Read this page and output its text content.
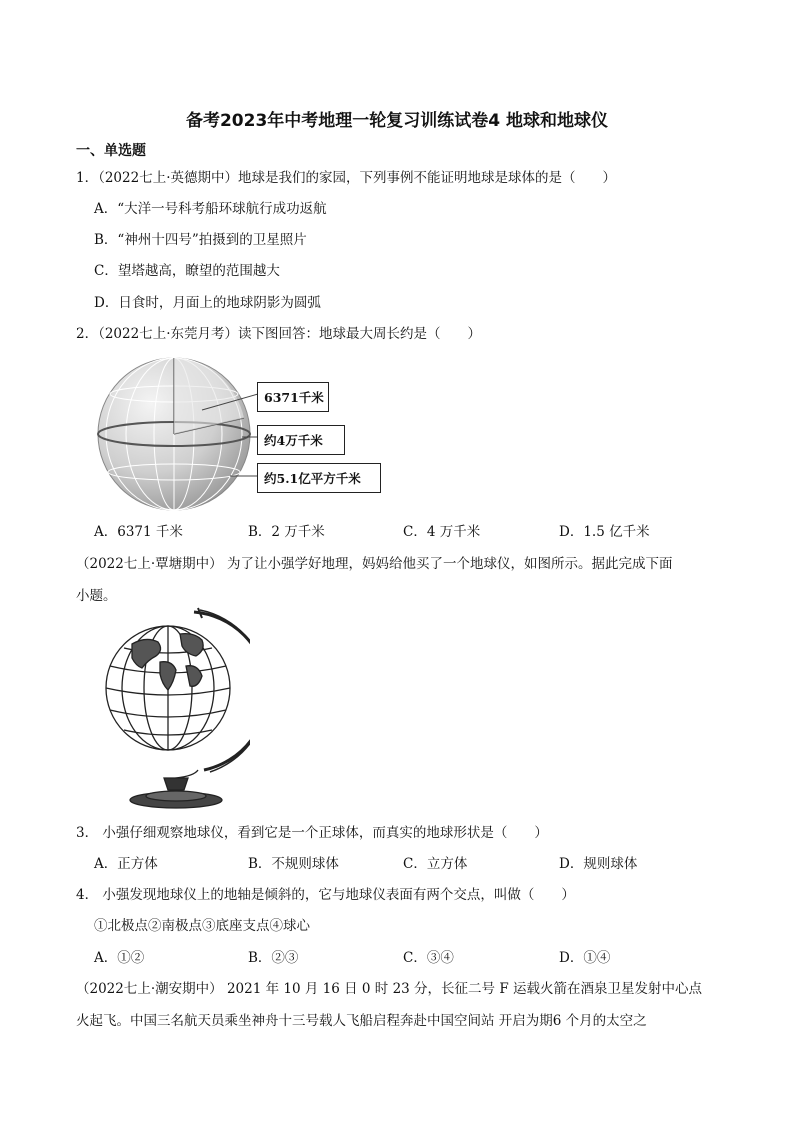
备考2023年中考地理一轮复习训练试卷4 地球和地球仪
一、单选题
1．（2022七上·英德期中）地球是我们的家园，下列事例不能证明地球是球体的是（　　）
A．“大洋一号科考船环球航行成功返航
B．“神州十四号”拍摄到的卫星照片
C．望塔越高，瞭望的范围越大
D．日食时，月面上的地球阴影为圆弧
2．（2022七上·东莞月考）读下图回答：地球最大周长约是（　　）
6371千米
约4万千米
约5.1亿平方千米
A．6371 千米	B．2 万千米	C．4 万千米	D．1.5 亿千米
（2022七上·覃塘期中） 为了让小强学好地理，妈妈给他买了一个地球仪，如图所示。据此完成下面
小题。
3． 小强仔细观察地球仪，看到它是一个正球体，而真实的地球形状是（　　）
A．正方体	B．不规则球体	C．立方体	D．规则球体
4． 小强发现地球仪上的地轴是倾斜的，它与地球仪表面有两个交点，叫做（　　）
①北极点②南极点③底座支点④球心
A．①②	B．②③	C．③④	D．①④
（2022七上·潮安期中） 2021 年 10 月 16 日 0 时 23 分，长征二号 F 运载火箭在酒泉卫星发射中心点
火起飞。中国三名航天员乘坐神舟十三号载人飞船启程奔赴中国空间站 开启为期6 个月的太空之
